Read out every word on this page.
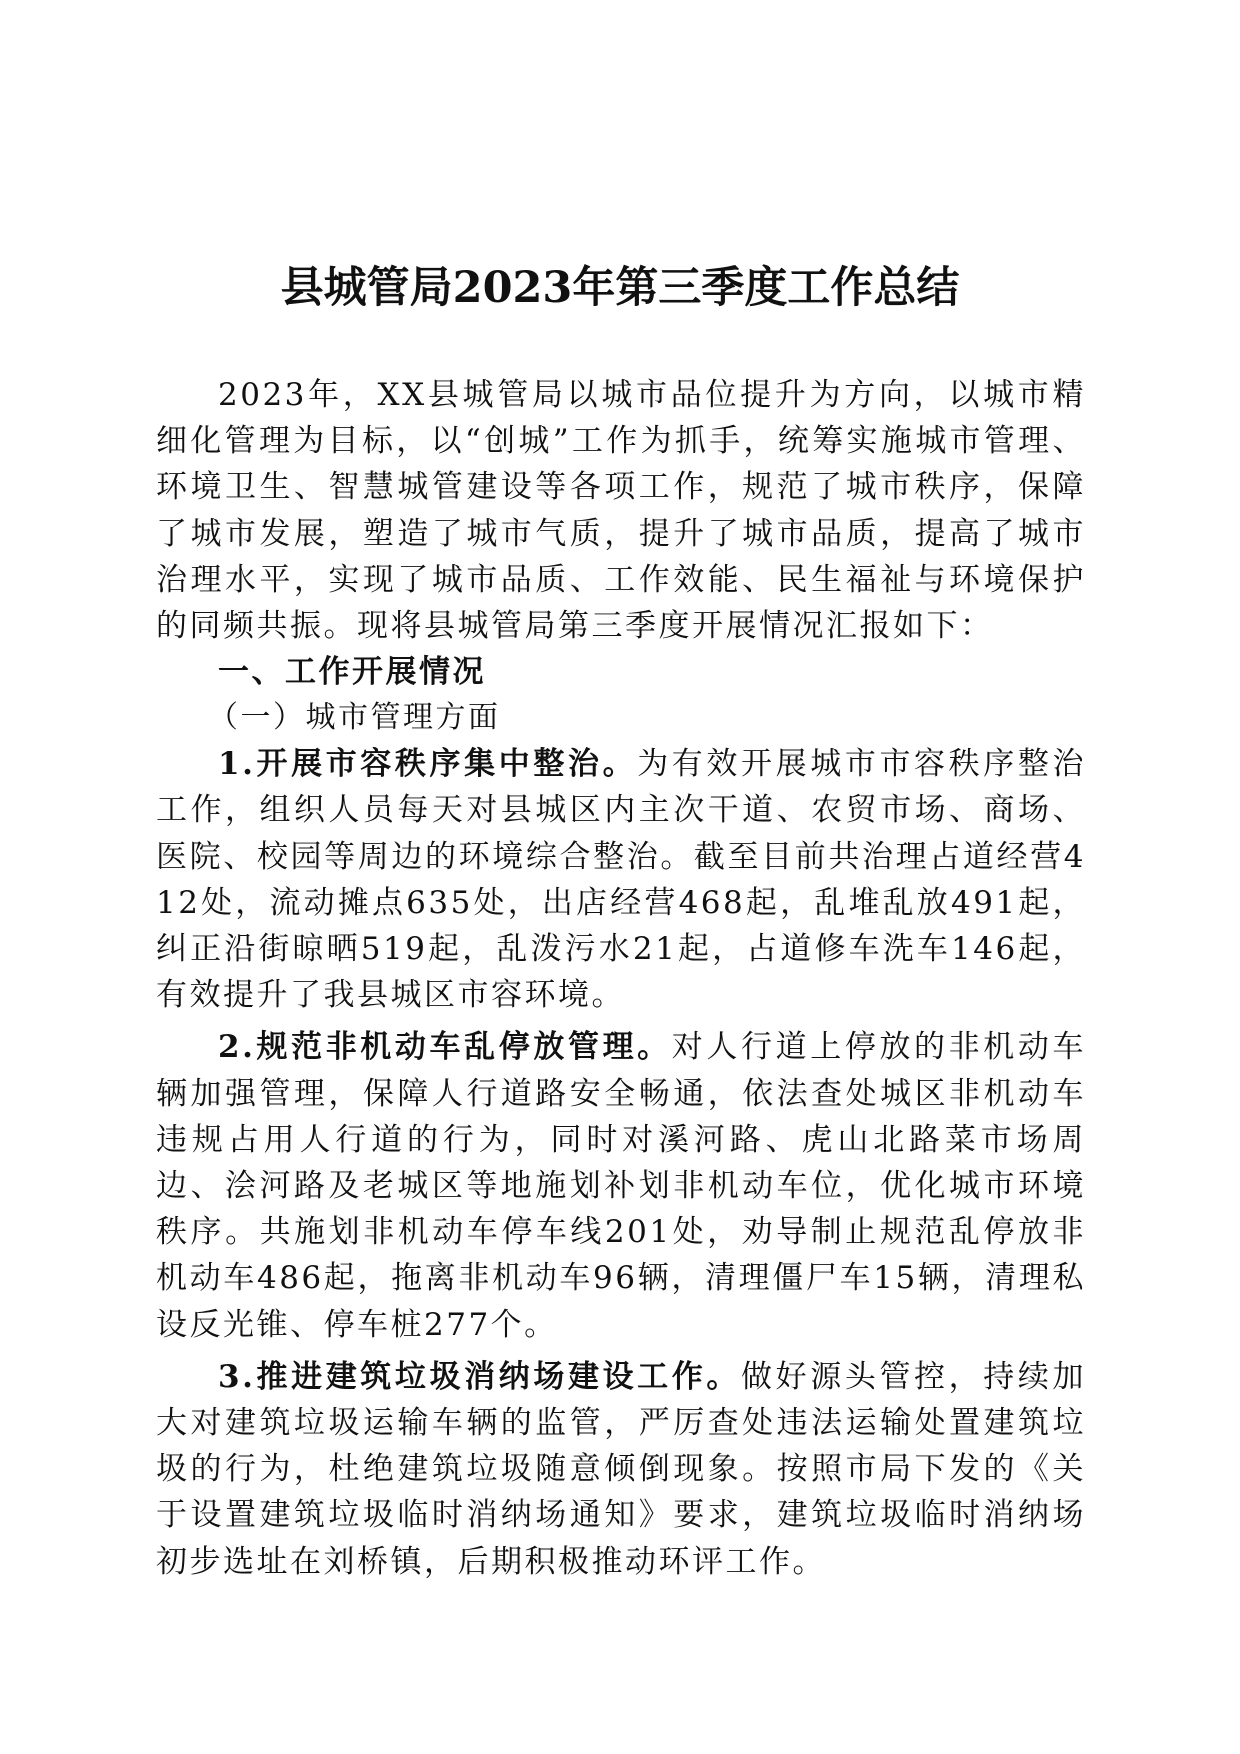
县城管局2023年第三季度工作总结

2023年，XX县城管局以城市品位提升为方向，以城市精细化管理为目标，以“创城”工作为抓手，统筹实施城市管理、环境卫生、智慧城管建设等各项工作，规范了城市秩序，保障了城市发展，塑造了城市气质，提升了城市品质，提高了城市治理水平，实现了城市品质、工作效能、民生福祉与环境保护的同频共振。现将县城管局第三季度开展情况汇报如下：

一、工作开展情况

（一）城市管理方面

1.开展市容秩序集中整治。为有效开展城市市容秩序整治工作，组织人员每天对县城区内主次干道、农贸市场、商场、医院、校园等周边的环境综合整治。截至目前共治理占道经营412处，流动摊点635处，出店经营468起，乱堆乱放491起，纠正沿街晾晒519起，乱泼污水21起，占道修车洗车146起，有效提升了我县城区市容环境。

2.规范非机动车乱停放管理。对人行道上停放的非机动车辆加强管理，保障人行道路安全畅通，依法查处城区非机动车违规占用人行道的行为，同时对溪河路、虎山北路菜市场周边、浍河路及老城区等地施划补划非机动车位，优化城市环境秩序。共施划非机动车停车线201处，劝导制止规范乱停放非机动车486起，拖离非机动车96辆，清理僵尸车15辆，清理私设反光锥、停车桩277个。

3.推进建筑垃圾消纳场建设工作。做好源头管控，持续加大对建筑垃圾运输车辆的监管，严厉查处违法运输处置建筑垃圾的行为，杜绝建筑垃圾随意倾倒现象。按照市局下发的《关于设置建筑垃圾临时消纳场通知》要求，建筑垃圾临时消纳场初步选址在刘桥镇，后期积极推动环评工作。
